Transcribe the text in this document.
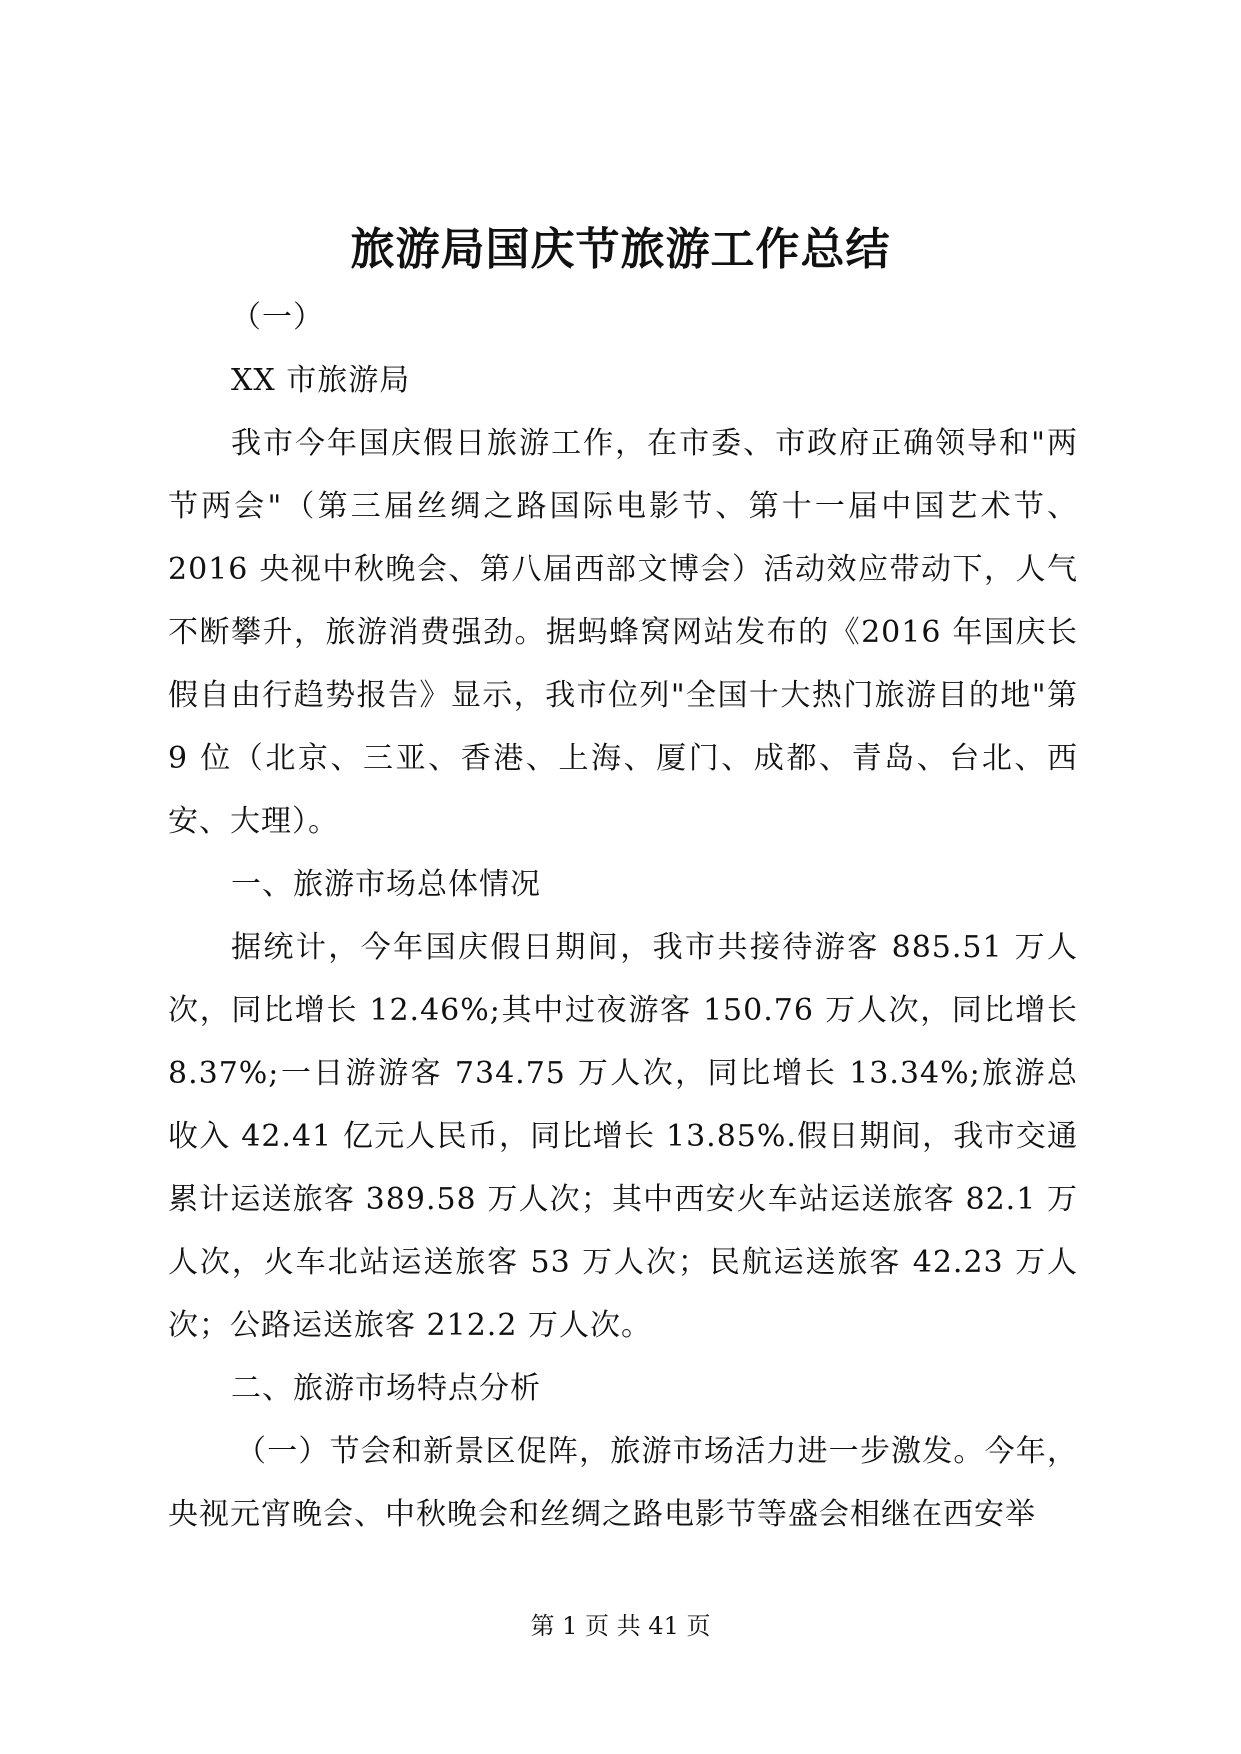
旅游局国庆节旅游工作总结

（一）

XX 市旅游局

我市今年国庆假日旅游工作，在市委、市政府正确领导和"两节两会"（第三届丝绸之路国际电影节、第十一届中国艺术节、2016 央视中秋晚会、第八届西部文博会）活动效应带动下，人气不断攀升，旅游消费强劲。据蚂蜂窝网站发布的《2016 年国庆长假自由行趋势报告》显示，我市位列"全国十大热门旅游目的地"第 9 位（北京、三亚、香港、上海、厦门、成都、青岛、台北、西安、大理）。

一、旅游市场总体情况

据统计，今年国庆假日期间，我市共接待游客 885.51 万人次，同比增长 12.46%;其中过夜游客 150.76 万人次，同比增长 8.37%;一日游游客 734.75 万人次，同比增长 13.34%;旅游总收入 42.41 亿元人民币，同比增长 13.85%.假日期间，我市交通累计运送旅客 389.58 万人次；其中西安火车站运送旅客 82.1 万人次，火车北站运送旅客 53 万人次；民航运送旅客 42.23 万人次；公路运送旅客 212.2 万人次。

二、旅游市场特点分析

（一）节会和新景区促阵，旅游市场活力进一步激发。今年，央视元宵晚会、中秋晚会和丝绸之路电影节等盛会相继在西安举

第 1 页 共 41 页
